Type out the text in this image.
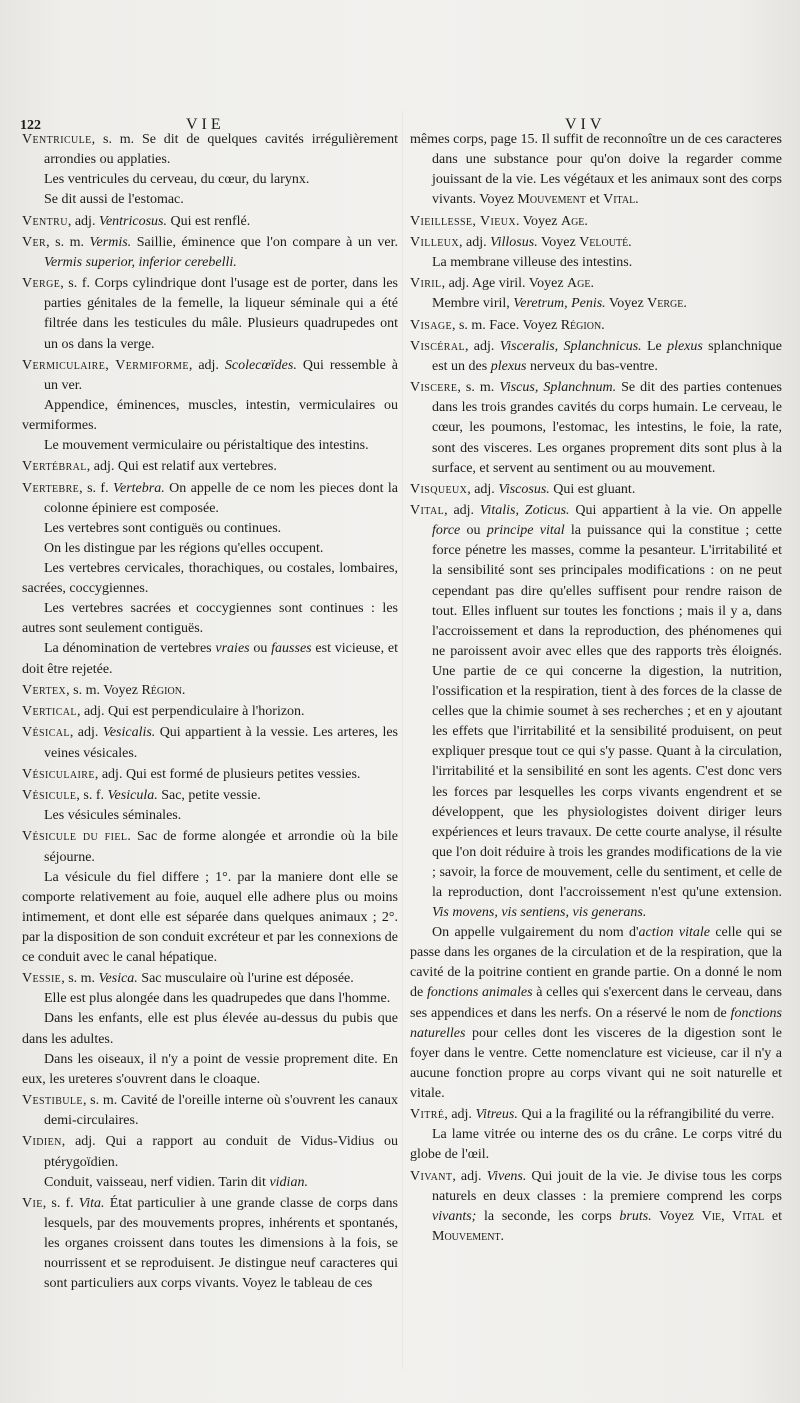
122	VIE	VIV
Ventricule, s. m. Se dit de quelques cavités irrégulièrement arrondies ou applaties.
Les ventricules du cerveau, du cœur, du larynx.
Se dit aussi de l'estomac.
Ventru, adj. Ventricosus. Qui est renflé.
Ver, s. m. Vermis. Saillie, éminence que l'on compare à un ver. Vermis superior, inferior cerebelli.
Verge, s. f. Corps cylindrique dont l'usage est de porter, dans les parties génitales de la femelle, la liqueur séminale qui a été filtrée dans les testicules du mâle. Plusieurs quadrupedes ont un os dans la verge.
Vermiculaire, Vermiforme, adj. Scolecœïdes. Qui ressemble à un ver.
Appendice, éminences, muscles, intestin, vermiculaires ou vermiformes.
Le mouvement vermiculaire ou péristaltique des intestins.
Vertébral, adj. Qui est relatif aux vertebres.
Vertebre, s. f. Vertebra. On appelle de ce nom les pieces dont la colonne épiniere est composée.
Les vertebres sont contiguës ou continues.
On les distingue par les régions qu'elles occupent.
Les vertebres cervicales, thorachiques, ou costales, lombaires, sacrées, coccygiennes.
Les vertebres sacrées et coccygiennes sont continues : les autres sont seulement contiguës.
La dénomination de vertebres vraies ou fausses est vicieuse, et doit être rejetée.
Vertex, s. m. Voyez Région.
Vertical, adj. Qui est perpendiculaire à l'horizon.
Vésical, adj. Vesicalis. Qui appartient à la vessie. Les arteres, les veines vésicales.
Vésiculaire, adj. Qui est formé de plusieurs petites vessies.
Vésicule, s. f. Vesicula. Sac, petite vessie.
Les vésicules séminales.
Vésicule du fiel. Sac de forme alongée et arrondie où la bile séjourne.
La vésicule du fiel differe ; 1°. par la maniere dont elle se comporte relativement au foie, auquel elle adhere plus ou moins intimement, et dont elle est séparée dans quelques animaux ; 2°. par la disposition de son conduit excréteur et par les connexions de ce conduit avec le canal hépatique.
Vessie, s. m. Vesica. Sac musculaire où l'urine est déposée.
Elle est plus alongée dans les quadrupedes que dans l'homme.
Dans les enfants, elle est plus élevée au-dessus du pubis que dans les adultes.
Dans les oiseaux, il n'y a point de vessie proprement dite. En eux, les ureteres s'ouvrent dans le cloaque.
Vestibule, s. m. Cavité de l'oreille interne où s'ouvrent les canaux demi-circulaires.
Vidien, adj. Qui a rapport au conduit de Vidus-Vidius ou ptérygoïdien.
Conduit, vaisseau, nerf vidien. Tarin dit vidian.
Vie, s. f. Vita. État particulier à une grande classe de corps dans lesquels, par des mouvements propres, inhérents et spontanés, les organes croissent dans toutes les dimensions à la fois, se nourrissent et se reproduisent. Je distingue neuf caracteres qui sont particuliers aux corps vivants. Voyez le tableau de ces
mêmes corps, page 15. Il suffit de reconnoître un de ces caracteres dans une substance pour qu'on doive la regarder comme jouissant de la vie. Les végétaux et les animaux sont des corps vivants. Voyez Mouvement et Vital.
Vieillesse, Vieux. Voyez Age.
Villeux, adj. Villosus. Voyez Velouté.
La membrane villeuse des intestins.
Viril, adj. Age viril. Voyez Age.
Membre viril, Veretrum, Penis. Voyez Verge.
Visage, s. m. Face. Voyez Région.
Viscéral, adj. Visceralis, Splanchnicus. Le plexus splanchnique est un des plexus nerveux du bas-ventre.
Viscere, s. m. Viscus, Splanchnum. Se dit des parties contenues dans les trois grandes cavités du corps humain. Le cerveau, le cœur, les poumons, l'estomac, les intestins, le foie, la rate, sont des visceres. Les organes proprement dits sont plus à la surface, et servent au sentiment ou au mouvement.
Visqueux, adj. Viscosus. Qui est gluant.
Vital, adj. Vitalis, Zoticus. Qui appartient à la vie. On appelle force ou principe vital la puissance qui la constitue ; cette force pénetre les masses, comme la pesanteur. L'irritabilité et la sensibilité sont ses principales modifications : on ne peut cependant pas dire qu'elles suffisent pour rendre raison de tout. Elles influent sur toutes les fonctions ; mais il y a, dans l'accroissement et dans la reproduction, des phénomenes qui ne paroissent avoir avec elles que des rapports très éloignés. Une partie de ce qui concerne la digestion, la nutrition, l'ossification et la respiration, tient à des forces de la classe de celles que la chimie soumet à ses recherches ; et en y ajoutant les effets que l'irritabilité et la sensibilité produisent, on peut expliquer presque tout ce qui s'y passe. Quant à la circulation, l'irritabilité et la sensibilité en sont les agents. C'est donc vers les forces par lesquelles les corps vivants engendrent et se développent, que les physiologistes doivent diriger leurs expériences et leurs travaux. De cette courte analyse, il résulte que l'on doit réduire à trois les grandes modifications de la vie ; savoir, la force de mouvement, celle du sentiment, et celle de la reproduction, dont l'accroissement n'est qu'une extension. Vis movens, vis sentiens, vis generans.
On appelle vulgairement du nom d'action vitale celle qui se passe dans les organes de la circulation et de la respiration, que la cavité de la poitrine contient en grande partie. On a donné le nom de fonctions animales à celles qui s'exercent dans le cerveau, dans ses appendices et dans les nerfs. On a réservé le nom de fonctions naturelles pour celles dont les visceres de la digestion sont le foyer dans le ventre. Cette nomenclature est vicieuse, car il n'y a aucune fonction propre au corps vivant qui ne soit naturelle et vitale.
Vitré, adj. Vitreus. Qui a la fragilité ou la réfrangibilité du verre.
La lame vitrée ou interne des os du crâne. Le corps vitré du globe de l'œil.
Vivant, adj. Vivens. Qui jouit de la vie. Je divise tous les corps naturels en deux classes : la premiere comprend les corps vivants; la seconde, les corps bruts. Voyez Vie, Vital et Mouvement.
